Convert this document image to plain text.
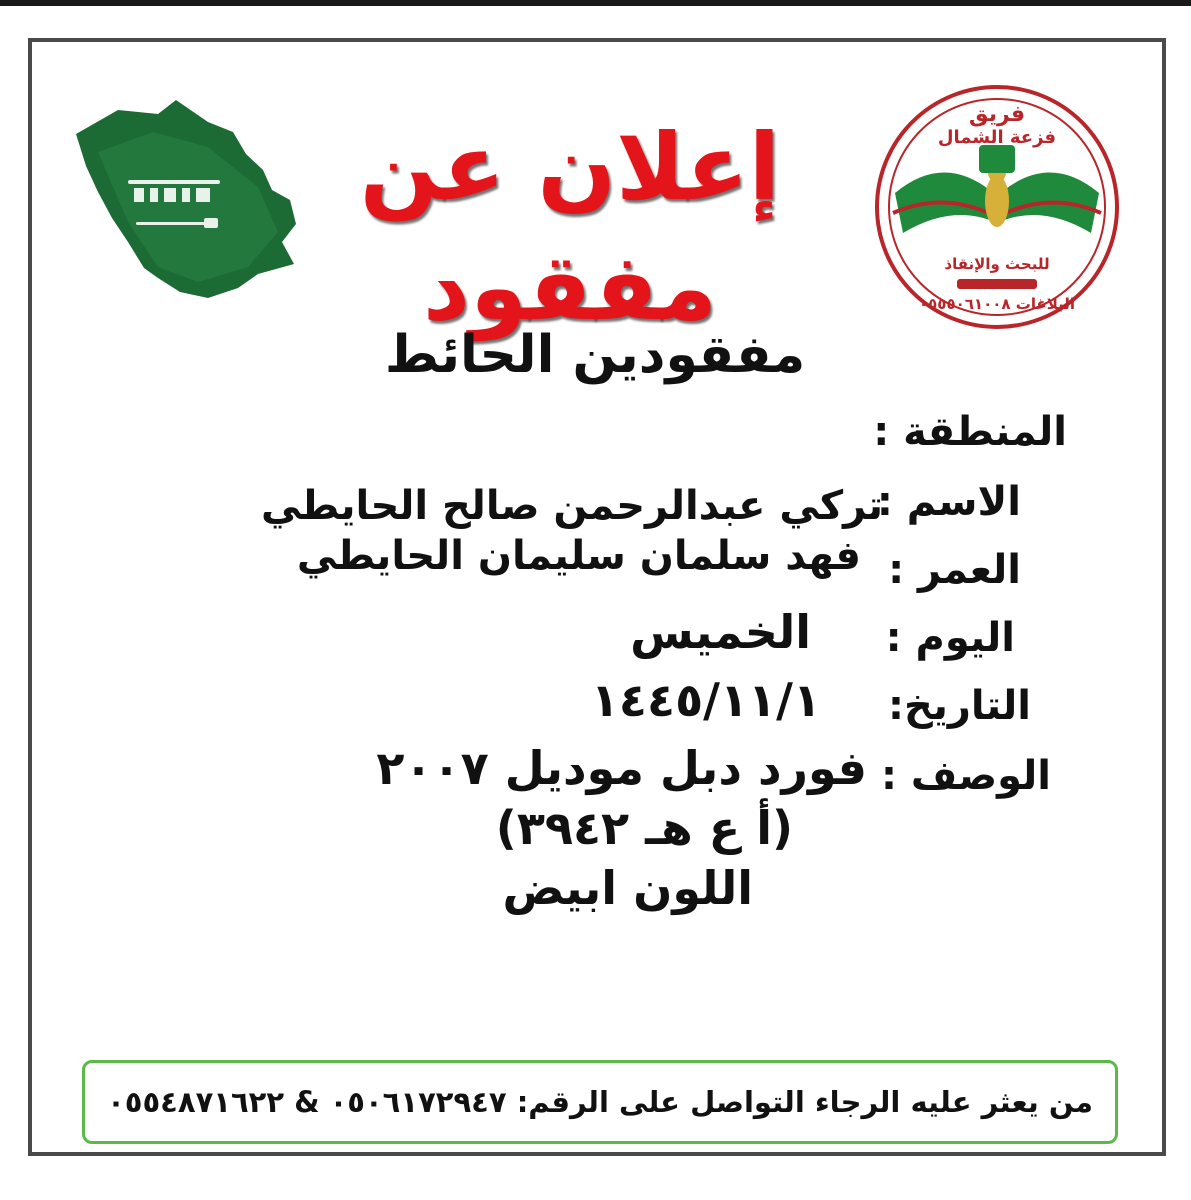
إعلان عن مفقود
فريق
فزعة الشمال
للبحث والإنقاذ
البلاغات ٠٥٥٥٠٦١٠٠٨
مفقودين الحائط
المنطقة :
الاسم :
العمر :
اليوم :
التاريخ:
الوصف :
تركي عبدالرحمن صالح الحايطي
فهد سلمان سليمان الحايطي
الخميس
١٤٤٥/١١/١
فورد دبل موديل ٢٠٠٧
(أ ع هـ ٣٩٤٢)
اللون ابيض
من يعثر عليه الرجاء التواصل على الرقم: ٠٥٠٦١٧٢٩٤٧ & ٠٥٥٤٨٧١٦٢٢
